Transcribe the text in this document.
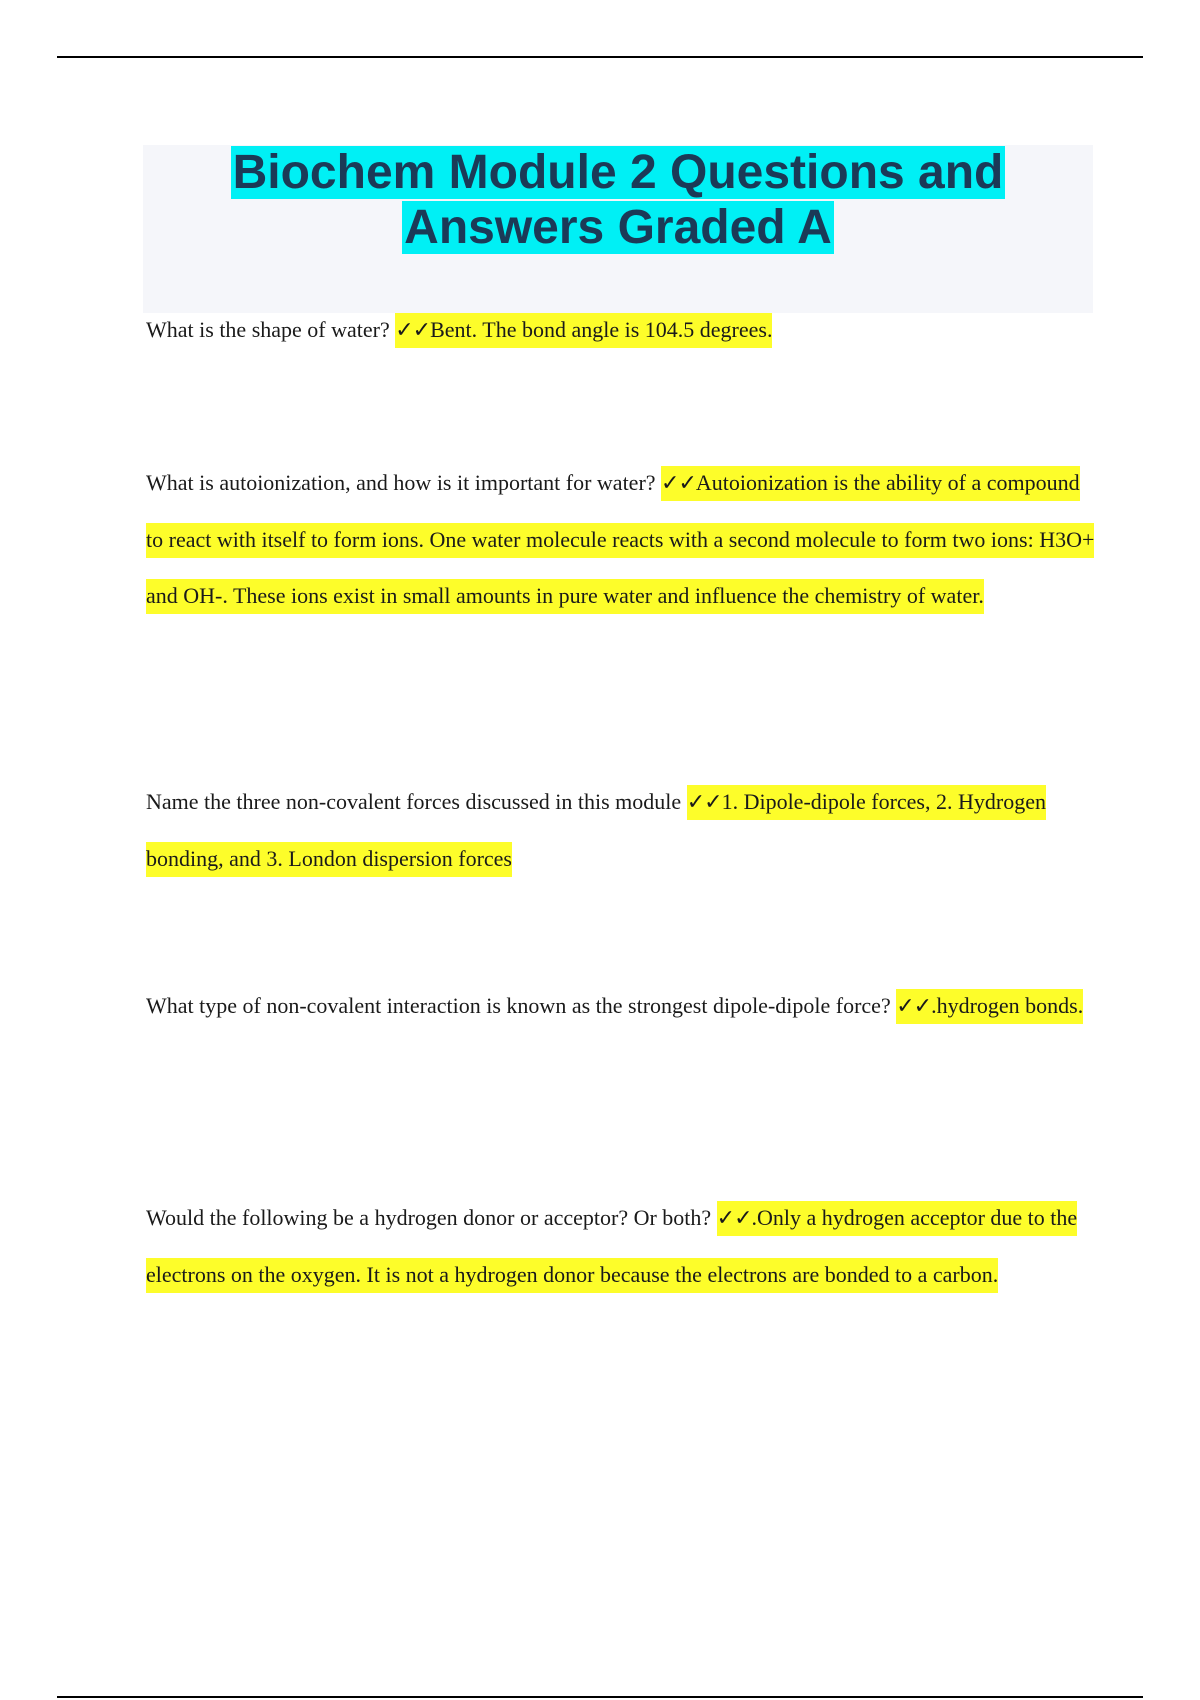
Biochem Module 2 Questions and
Answers Graded A

What is the shape of water? ✓✓Bent. The bond angle is 104.5 degrees.

What is autoionization, and how is it important for water? ✓✓Autoionization is the ability of a compound to react with itself to form ions. One water molecule reacts with a second molecule to form two ions: H3O+ and OH-. These ions exist in small amounts in pure water and influence the chemistry of water.

Name the three non-covalent forces discussed in this module ✓✓1. Dipole-dipole forces, 2. Hydrogen bonding, and 3. London dispersion forces

What type of non-covalent interaction is known as the strongest dipole-dipole force? ✓✓.hydrogen bonds.

Would the following be a hydrogen donor or acceptor? Or both? ✓✓.Only a hydrogen acceptor due to the electrons on the oxygen. It is not a hydrogen donor because the electrons are bonded to a carbon.
